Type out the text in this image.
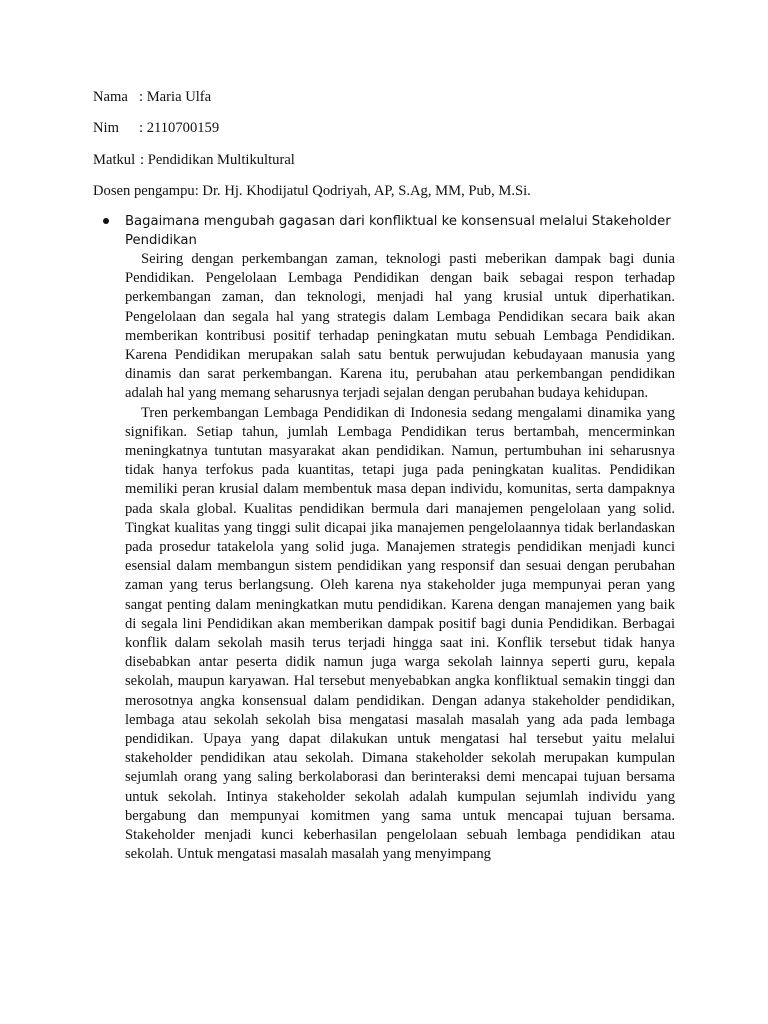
Nama : Maria Ulfa
Nim : 2110700159
Matkul : Pendidikan Multikultural
Dosen pengampu: Dr. Hj. Khodijatul Qodriyah, AP, S.Ag, MM, Pub, M.Si.

Bagaimana mengubah gagasan dari konfliktual ke konsensual melalui Stakeholder Pendidikan

Seiring dengan perkembangan zaman, teknologi pasti meberikan dampak bagi dunia Pendidikan. Pengelolaan Lembaga Pendidikan dengan baik sebagai respon terhadap perkembangan zaman, dan teknologi, menjadi hal yang krusial untuk diperhatikan. Pengelolaan dan segala hal yang strategis dalam Lembaga Pendidikan secara baik akan memberikan kontribusi positif terhadap peningkatan mutu sebuah Lembaga Pendidikan. Karena Pendidikan merupakan salah satu bentuk perwujudan kebudayaan manusia yang dinamis dan sarat perkembangan. Karena itu, perubahan atau perkembangan pendidikan adalah hal yang memang seharusnya terjadi sejalan dengan perubahan budaya kehidupan.

Tren perkembangan Lembaga Pendidikan di Indonesia sedang mengalami dinamika yang signifikan. Setiap tahun, jumlah Lembaga Pendidikan terus bertambah, mencerminkan meningkatnya tuntutan masyarakat akan pendidikan. Namun, pertumbuhan ini seharusnya tidak hanya terfokus pada kuantitas, tetapi juga pada peningkatan kualitas. Pendidikan memiliki peran krusial dalam membentuk masa depan individu, komunitas, serta dampaknya pada skala global. Kualitas pendidikan bermula dari manajemen pengelolaan yang solid. Tingkat kualitas yang tinggi sulit dicapai jika manajemen pengelolaannya tidak berlandaskan pada prosedur tatakelola yang solid juga. Manajemen strategis pendidikan menjadi kunci esensial dalam membangun sistem pendidikan yang responsif dan sesuai dengan perubahan zaman yang terus berlangsung. Oleh karena nya stakeholder juga mempunyai peran yang sangat penting dalam meningkatkan mutu pendidikan. Karena dengan manajemen yang baik di segala lini Pendidikan akan memberikan dampak positif bagi dunia Pendidikan. Berbagai konflik dalam sekolah masih terus terjadi hingga saat ini. Konflik tersebut tidak hanya disebabkan antar peserta didik namun juga warga sekolah lainnya seperti guru, kepala sekolah, maupun karyawan. Hal tersebut menyebabkan angka konfliktual semakin tinggi dan merosotnya angka konsensual dalam pendidikan. Dengan adanya stakeholder pendidikan, lembaga atau sekolah sekolah bisa mengatasi masalah masalah yang ada pada lembaga pendidikan. Upaya yang dapat dilakukan untuk mengatasi hal tersebut yaitu melalui stakeholder pendidikan atau sekolah. Dimana stakeholder sekolah merupakan kumpulan sejumlah orang yang saling berkolaborasi dan berinteraksi demi mencapai tujuan bersama untuk sekolah. Intinya stakeholder sekolah adalah kumpulan sejumlah individu yang bergabung dan mempunyai komitmen yang sama untuk mencapai tujuan bersama. Stakeholder menjadi kunci keberhasilan pengelolaan sebuah lembaga pendidikan atau sekolah. Untuk mengatasi masalah masalah yang menyimpang
